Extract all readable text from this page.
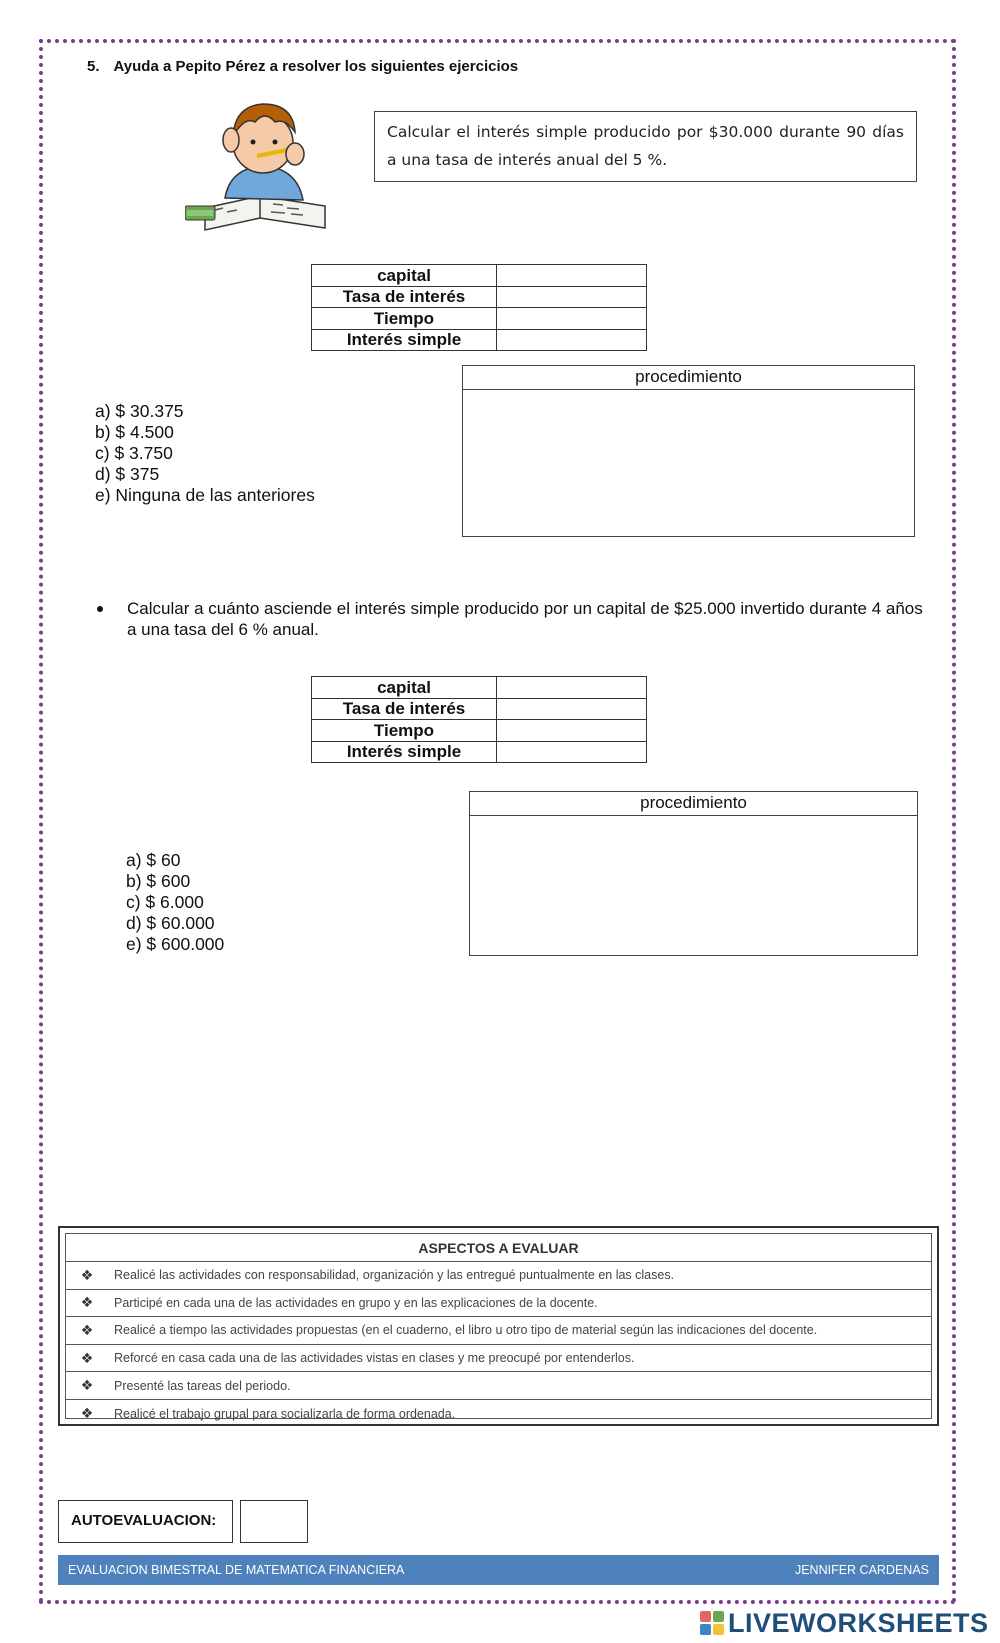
5. Ayuda a Pepito Pérez a resolver los siguientes ejercicios
Calcular el interés simple producido por $30.000 durante 90 días a una tasa de interés anual del 5 %.
capital	
Tasa de interés	
Tiempo	
Interés simple	
procedimiento
a) $ 30.375
b) $ 4.500
c) $ 3.750
d) $ 375
e) Ninguna de las anteriores
Calcular a cuánto asciende el interés simple producido por un capital de $25.000 invertido durante 4 años a una tasa del 6 % anual.
capital	
Tasa de interés	
Tiempo	
Interés simple	
procedimiento
a) $ 60
b) $ 600
c) $ 6.000
d) $ 60.000
e) $ 600.000
ASPECTOS A EVALUAR
❖	Realicé las actividades con responsabilidad, organización y las entregué puntualmente en las clases.
❖	Participé en cada una de las actividades en grupo y en las explicaciones de la docente.
❖	Realicé a tiempo las actividades propuestas (en el cuaderno, el libro u otro tipo de material según las indicaciones del docente.
❖	Reforcé en casa cada una de las actividades vistas en clases y me preocupé por entenderlos.
❖	Presenté las tareas del periodo.
❖	Realicé el trabajo grupal para socializarla de forma ordenada.
AUTOEVALUACION:
EVALUACION BIMESTRAL DE MATEMATICA FINANCIERA	JENNIFER CARDENAS
LIVEWORKSHEETS
